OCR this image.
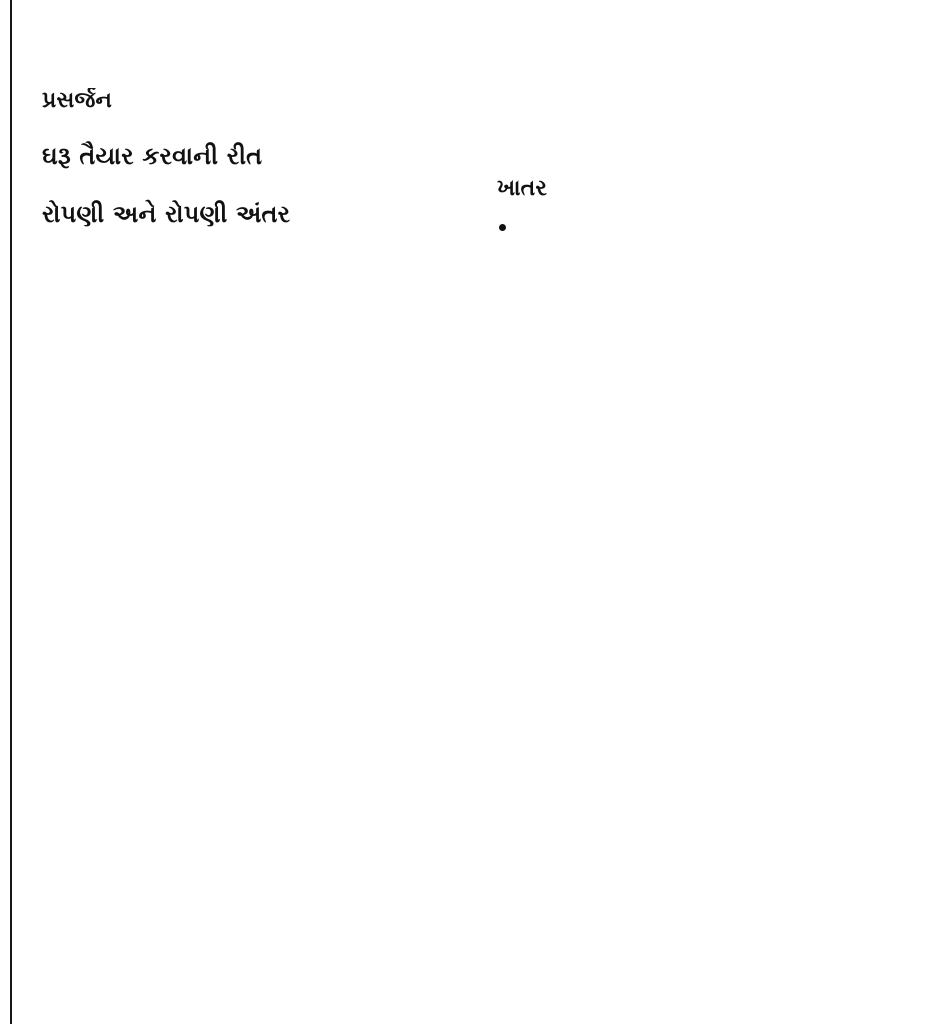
પ્રસર્જન

ઘરૂ તૈયાર કરવાની રીત

રોપણી અને રોપણી અંતર

ખાતર
